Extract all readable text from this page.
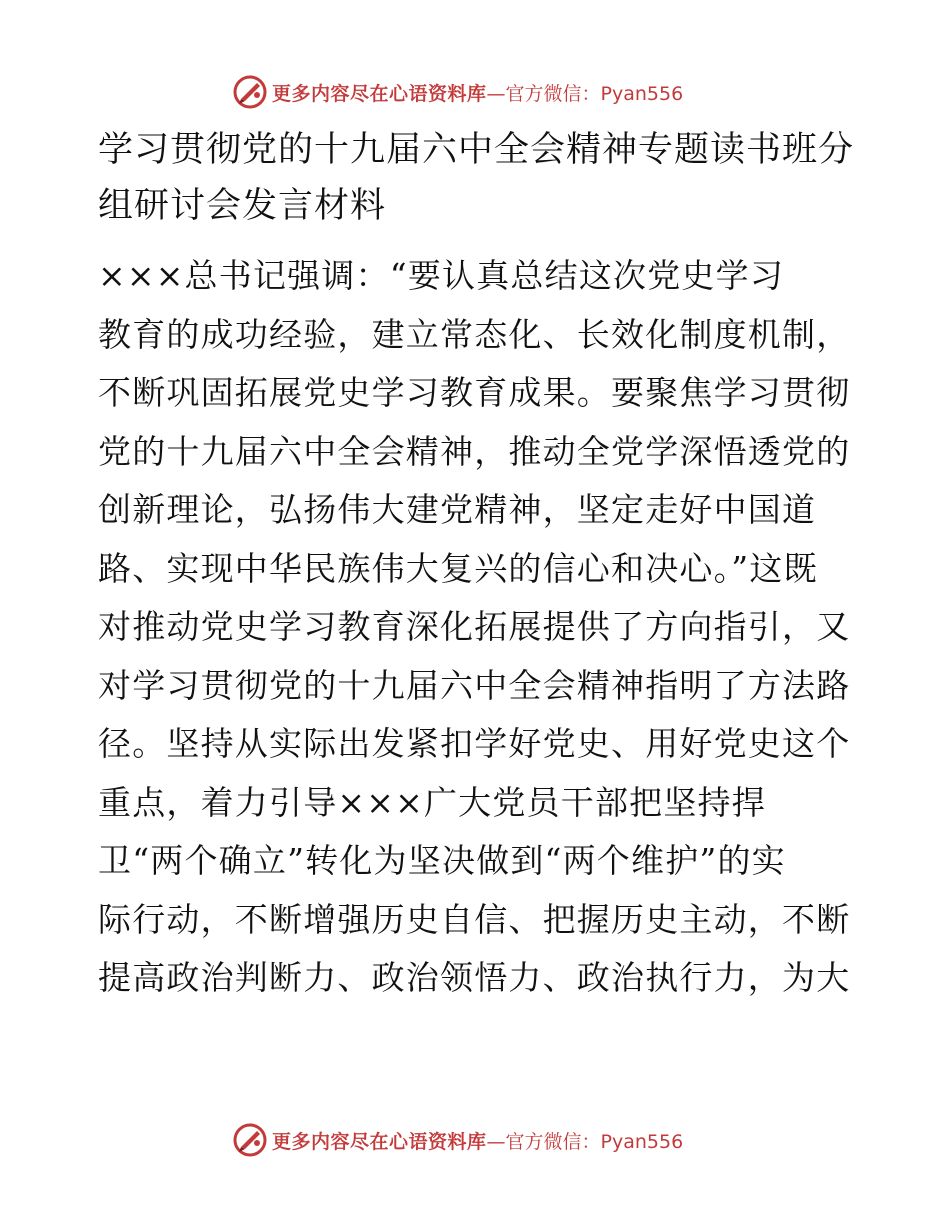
更多内容尽在心语资料库 —官方微信：Pyan556
学习贯彻党的十九届六中全会精神专题读书班分
组研讨会发言材料
×××总书记强调：“要认真总结这次党史学习
教育的成功经验，建立常态化、长效化制度机制，
不断巩固拓展党史学习教育成果。要聚焦学习贯彻
党的十九届六中全会精神，推动全党学深悟透党的
创新理论，弘扬伟大建党精神，坚定走好中国道
路、实现中华民族伟大复兴的信心和决心。”这既
对推动党史学习教育深化拓展提供了方向指引，又
对学习贯彻党的十九届六中全会精神指明了方法路
径。坚持从实际出发紧扣学好党史、用好党史这个
重点，着力引导×××广大党员干部把坚持捍
卫“两个确立”转化为坚决做到“两个维护”的实
际行动，不断增强历史自信、把握历史主动，不断
提高政治判断力、政治领悟力、政治执行力，为大
更多内容尽在心语资料库 —官方微信：Pyan556
